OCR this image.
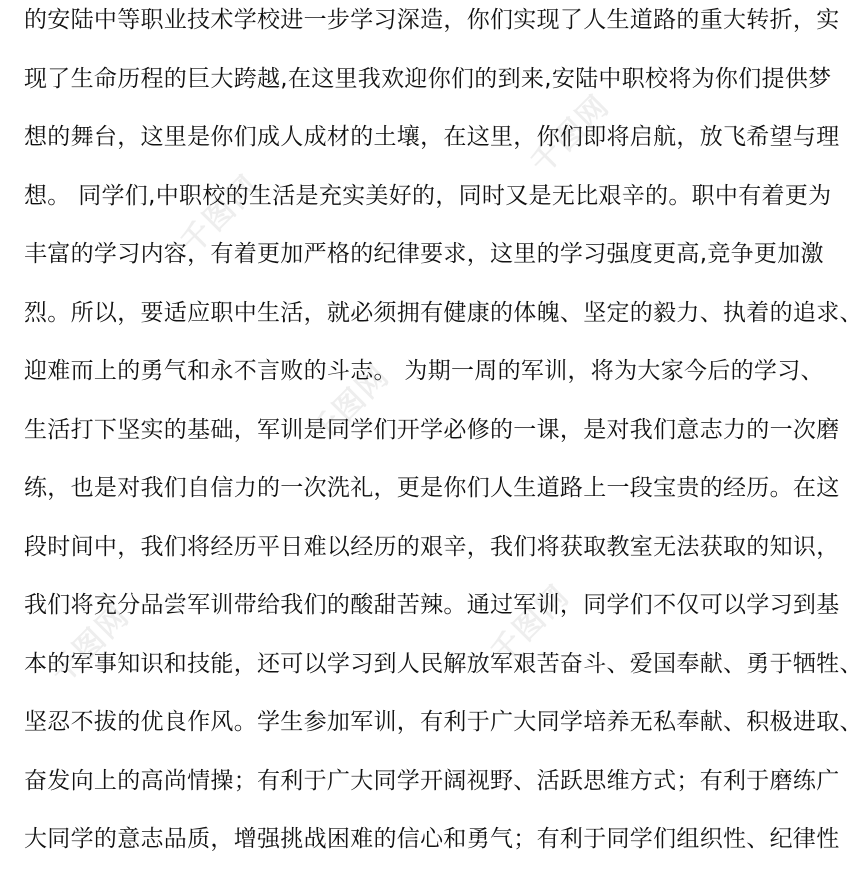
千图网
千图网
千图网
千图网	千图网
的安陆中等职业技术学校进一步学习深造，你们实现了人生道路的重大转折，实
现了生命历程的巨大跨越,在这里我欢迎你们的到来,安陆中职校将为你们提供梦
想的舞台，这里是你们成人成材的土壤，在这里，你们即将启航，放飞希望与理
想。 同学们,中职校的生活是充实美好的，同时又是无比艰辛的。职中有着更为
丰富的学习内容，有着更加严格的纪律要求，这里的学习强度更高,竞争更加激
烈。所以，要适应职中生活，就必须拥有健康的体魄、坚定的毅力、执着的追求、
迎难而上的勇气和永不言败的斗志。 为期一周的军训，将为大家今后的学习、
生活打下坚实的基础，军训是同学们开学必修的一课，是对我们意志力的一次磨
练，也是对我们自信力的一次洗礼，更是你们人生道路上一段宝贵的经历。在这
段时间中，我们将经历平日难以经历的艰辛，我们将获取教室无法获取的知识，
我们将充分品尝军训带给我们的酸甜苦辣。通过军训，同学们不仅可以学习到基
本的军事知识和技能，还可以学习到人民解放军艰苦奋斗、爱国奉献、勇于牺牲、
坚忍不拔的优良作风。学生参加军训，有利于广大同学培养无私奉献、积极进取、
奋发向上的高尚情操；有利于广大同学开阔视野、活跃思维方式；有利于磨练广
大同学的意志品质，增强挑战困难的信心和勇气；有利于同学们组织性、纪律性
